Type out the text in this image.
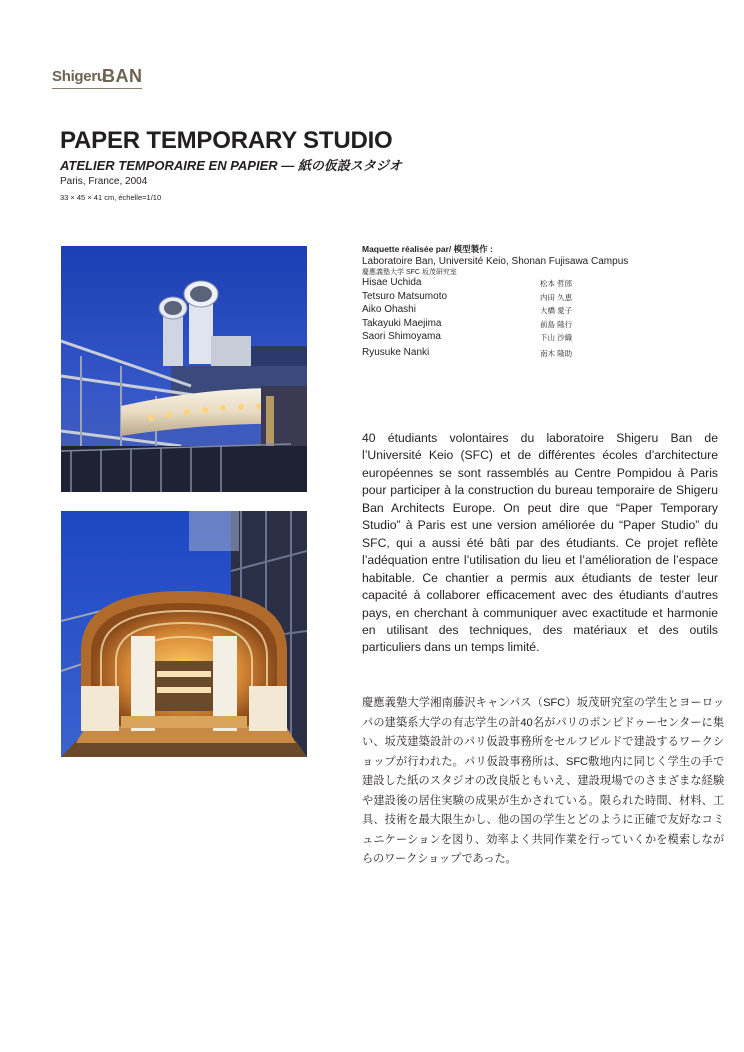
Shigeru
BAN
PAPER TEMPORARY STUDIO
ATELIER TEMPORAIRE EN PAPIER — 紙の仮設スタジオ
Paris, France, 2004
33 × 45 × 41 cm, échelle=1/10
Maquette réalisée par/ 模型製作 :
Laboratoire Ban, Université Keio, Shonan Fujisawa Campus
慶應義塾大学 SFC 坂茂研究室
Hisae Uchida	松本 哲郎
Tetsuro Matsumoto	内田 久恵
Aiko Ohashi	大橋 愛子
Takayuki Maejima	前島 隆行
Saori Shimoyama	下山 沙織
Ryusuke Nanki	南木 隆助
40 étudiants volontaires du laboratoire Shigeru Ban de l’Université Keio (SFC) et de différentes écoles d’architecture européennes se sont rassemblés au Centre Pompidou à Paris pour participer à la construction du bureau temporaire de Shigeru Ban Architects Europe. On peut dire que “Paper Temporary Studio” à Paris est une version améliorée du “Paper Studio” du SFC, qui a aussi été bâti par des étudiants. Ce projet reflète l’adéquation entre l’utilisation du lieu et l’amélioration de l’espace habitable. Ce chantier a permis aux étudiants de tester leur capacité à collaborer efficacement avec des étudiants d’autres pays, en cherchant à communiquer avec exactitude et harmonie en utilisant des techniques, des matériaux et des outils particuliers dans un temps limité.
慶應義塾大学湘南藤沢キャンパス（SFC）坂茂研究室の学生とヨーロッパの建築系大学の有志学生の計40名がパリのポンピドゥーセンターに集い、坂茂建築設計のパリ仮設事務所をセルフビルドで建設するワークショップが行われた。パリ仮設事務所は、SFC敷地内に同じく学生の手で建設した紙のスタジオの改良版ともいえ、建設現場でのさまざまな経験や建設後の居住実験の成果が生かされている。限られた時間、材料、工具、技術を最大限生かし、他の国の学生とどのように正確で友好なコミュニケーションを図り、効率よく共同作業を行っていくかを模索しながらのワークショップであった。
